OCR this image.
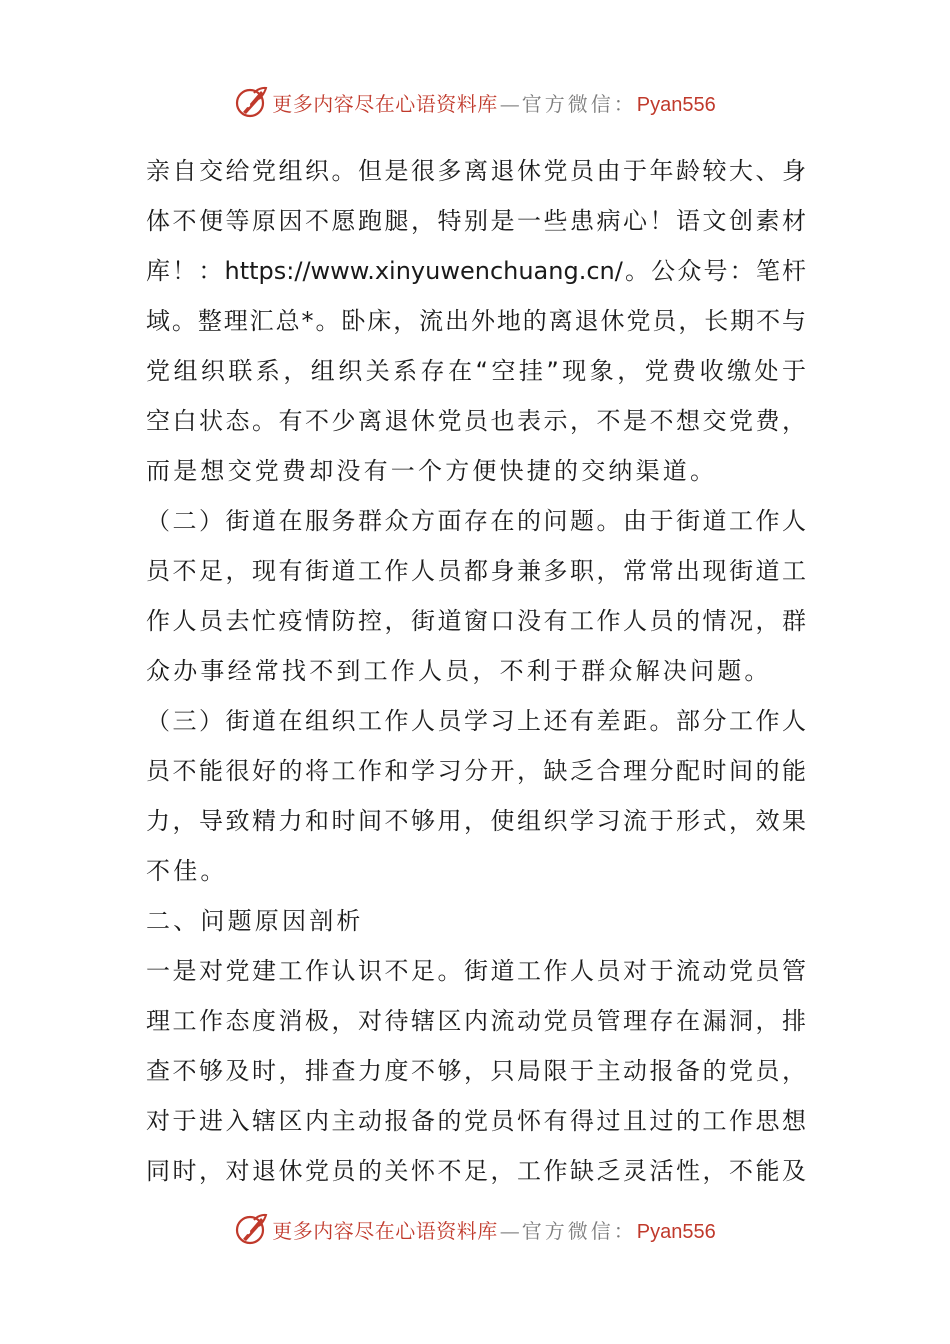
更多内容尽在心语资料库 — 官方微信： Pyan556
亲自交给党组织。但是很多离退休党员由于年龄较大、身
体不便等原因不愿跑腿，特别是一些患病心！语文创素材
库！：https://www.xinyuwenchuang.cn/。公众号：笔杆
域。整理汇总*。卧床，流出外地的离退休党员，长期不与
党组织联系，组织关系存在“空挂”现象，党费收缴处于
空白状态。有不少离退休党员也表示，不是不想交党费，
而是想交党费却没有一个方便快捷的交纳渠道。
（二）街道在服务群众方面存在的问题。由于街道工作人
员不足，现有街道工作人员都身兼多职，常常出现街道工
作人员去忙疫情防控，街道窗口没有工作人员的情况，群
众办事经常找不到工作人员，不利于群众解决问题。
（三）街道在组织工作人员学习上还有差距。部分工作人
员不能很好的将工作和学习分开，缺乏合理分配时间的能
力，导致精力和时间不够用，使组织学习流于形式，效果
不佳。
二、问题原因剖析
一是对党建工作认识不足。街道工作人员对于流动党员管
理工作态度消极，对待辖区内流动党员管理存在漏洞，排
查不够及时，排查力度不够，只局限于主动报备的党员，
对于进入辖区内主动报备的党员怀有得过且过的工作思想
同时，对退休党员的关怀不足，工作缺乏灵活性，不能及
更多内容尽在心语资料库 — 官方微信： Pyan556
